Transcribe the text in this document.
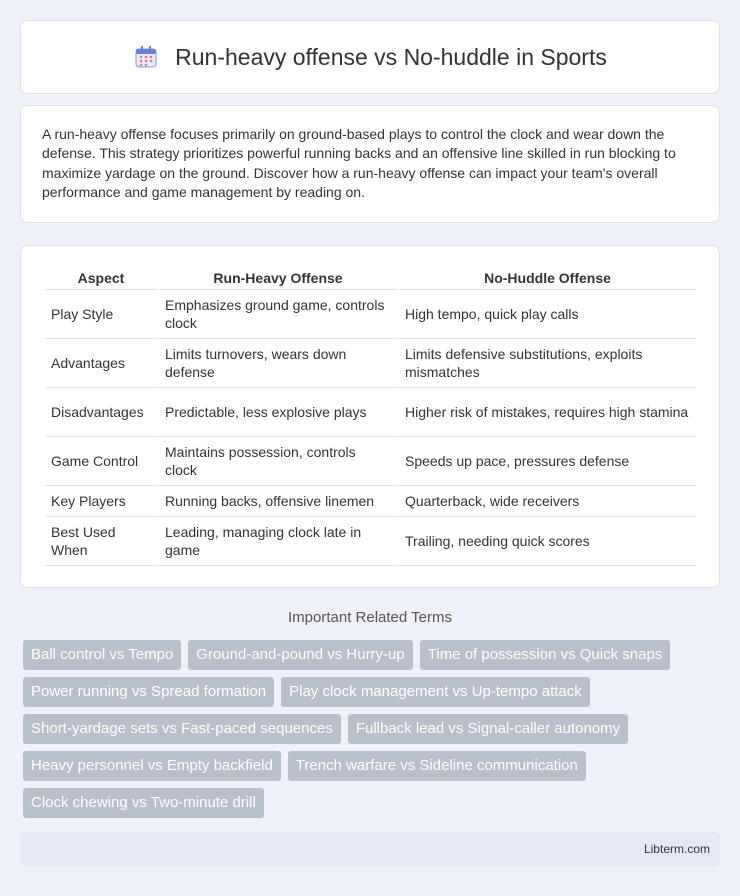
Run-heavy offense vs No-huddle in Sports

A run-heavy offense focuses primarily on ground-based plays to control the clock and wear down the defense. This strategy prioritizes powerful running backs and an offensive line skilled in run blocking to maximize yardage on the ground. Discover how a run-heavy offense can impact your team's overall performance and game management by reading on.

Aspect	Run-Heavy Offense	No-Huddle Offense
Play Style	Emphasizes ground game, controls clock	High tempo, quick play calls
Advantages	Limits turnovers, wears down defense	Limits defensive substitutions, exploits mismatches
Disadvantages	Predictable, less explosive plays	Higher risk of mistakes, requires high stamina
Game Control	Maintains possession, controls clock	Speeds up pace, pressures defense
Key Players	Running backs, offensive linemen	Quarterback, wide receivers
Best Used When	Leading, managing clock late in game	Trailing, needing quick scores
Important Related Terms
Ball control vs Tempo	Ground-and-pound vs Hurry-up	Time of possession vs Quick snaps
Power running vs Spread formation	Play clock management vs Up-tempo attack
Short-yardage sets vs Fast-paced sequences	Fullback lead vs Signal-caller autonomy
Heavy personnel vs Empty backfield	Trench warfare vs Sideline communication
Clock chewing vs Two-minute drill
Libterm.com
